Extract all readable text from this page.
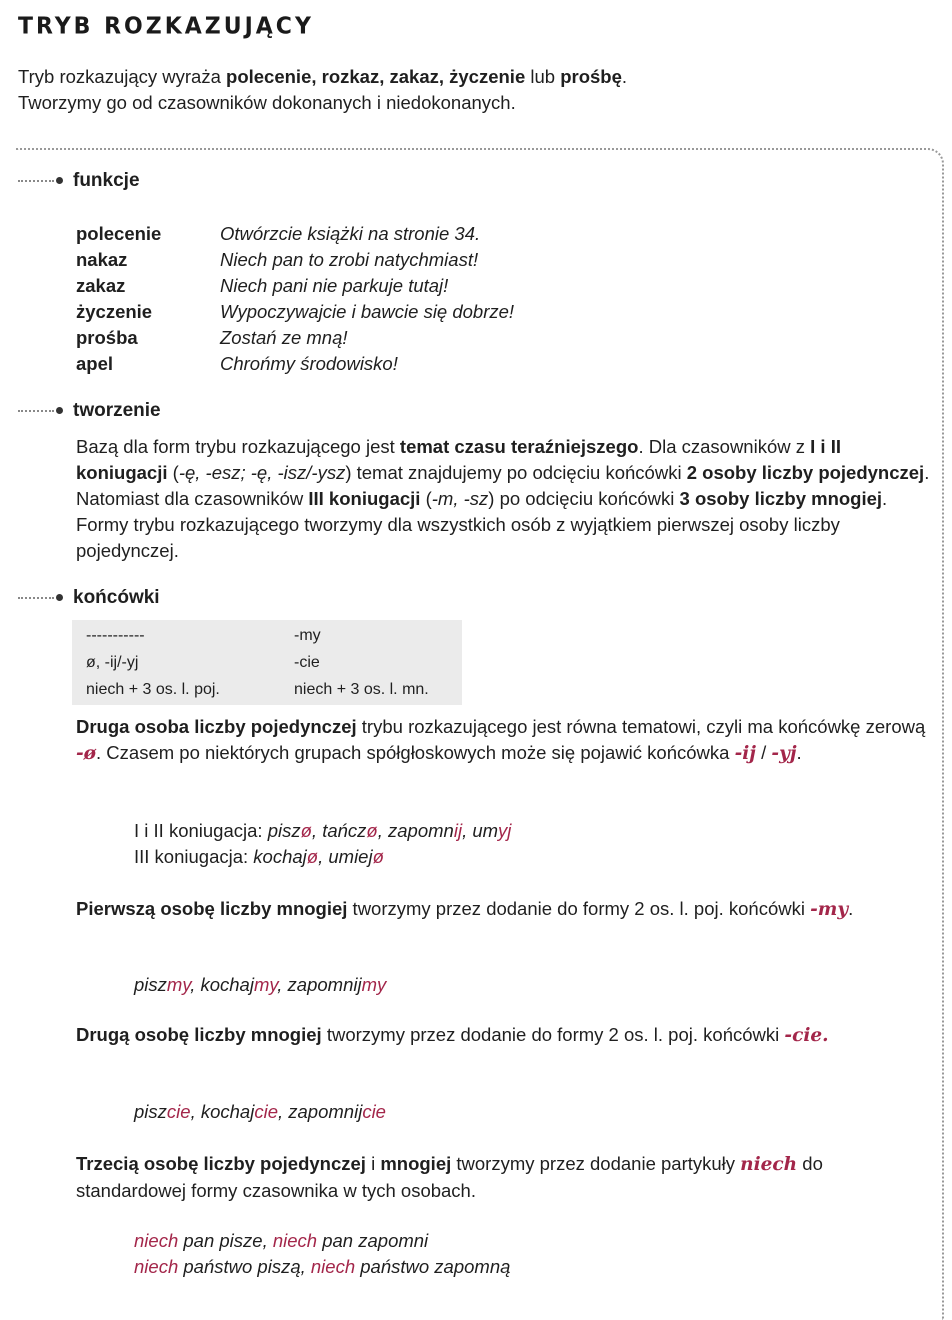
TRYB ROZKAZUJĄCY
Tryb rozkazujący wyraża polecenie, rozkaz, zakaz, życzenie lub prośbę.
Tworzymy go od czasowników dokonanych i niedokonanych.
funkcje
polecenie	Otwórzcie książki na stronie 34.
nakaz	Niech pan to zrobi natychmiast!
zakaz	Niech pani nie parkuje tutaj!
życzenie	Wypoczywajcie i bawcie się dobrze!
prośba	Zostań ze mną!
apel	Chrońmy środowisko!
tworzenie
Bazą dla form trybu rozkazującego jest temat czasu teraźniejszego. Dla czasowników z I i II koniugacji (-ę, -esz; -ę, -isz/-ysz) temat znajdujemy po odcięciu końcówki 2 osoby liczby pojedynczej. Natomiast dla czasowników III koniugacji (-m, -sz) po odcięciu końcówki 3 osoby liczby mnogiej. Formy trybu rozkazującego tworzymy dla wszystkich osób z wyjątkiem pierwszej osoby liczby pojedynczej.
końcówki
-----------	-my
ø, -ij/-yj	-cie
niech + 3 os. l. poj.	niech + 3 os. l. mn.
Druga osoba liczby pojedynczej trybu rozkazującego jest równa tematowi, czyli ma końcówkę zerową -ø. Czasem po niektórych grupach spółgłoskowych może się pojawić końcówka -ij / -yj.
I i II koniugacja: piszø, tańczø, zapomnij, umyj
III koniugacja: kochajø, umiejø
Pierwszą osobę liczby mnogiej tworzymy przez dodanie do formy 2 os. l. poj. końcówki -my.
piszmy, kochajmy, zapomnijmy
Drugą osobę liczby mnogiej tworzymy przez dodanie do formy 2 os. l. poj. końcówki -cie.
piszcie, kochajcie, zapomnijcie
Trzecią osobę liczby pojedynczej i mnogiej tworzymy przez dodanie partykuły niech do standardowej formy czasownika w tych osobach.
niech pan pisze, niech pan zapomni
niech państwo piszą, niech państwo zapomną
